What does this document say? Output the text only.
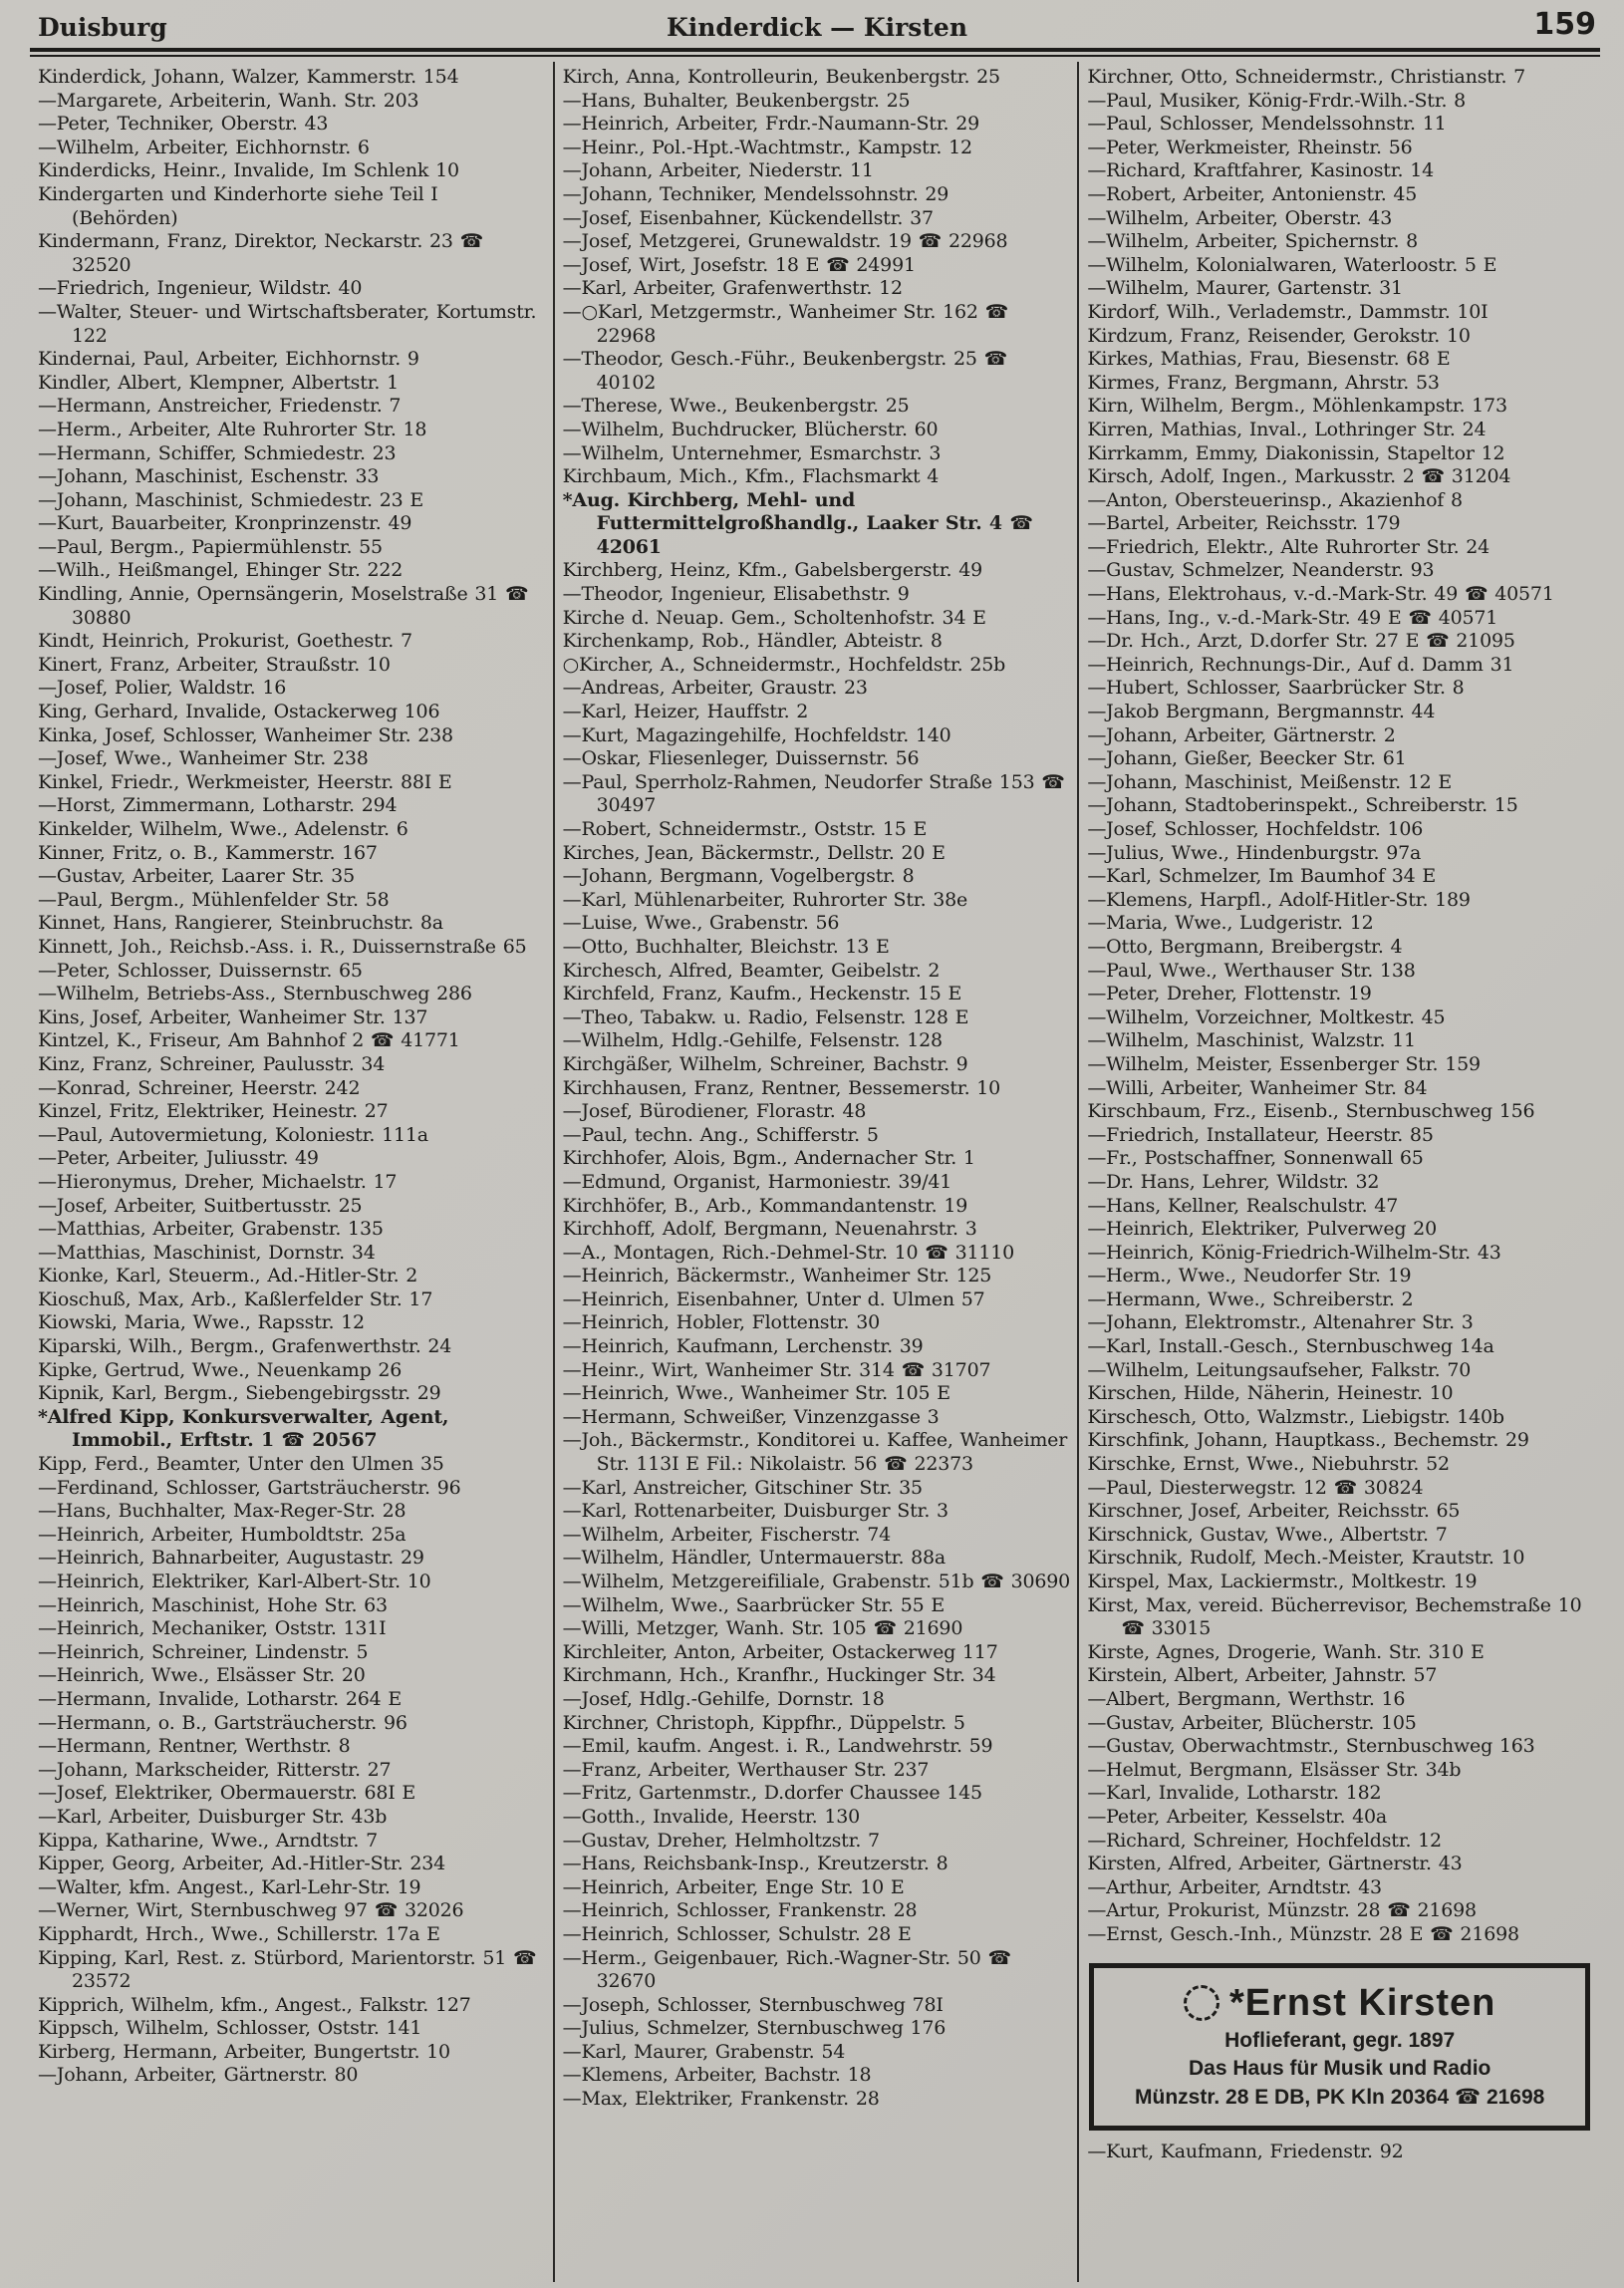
Duisburg	Kinderdick — Kirsten	159
Kinderdick, Johann, Walzer, Kammerstr. 154
—Margarete, Arbeiterin, Wanh. Str. 203
—Peter, Techniker, Oberstr. 43
—Wilhelm, Arbeiter, Eichhornstr. 6
Kinderdicks, Heinr., Invalide, Im Schlenk 10
Kindergarten und Kinderhorte siehe Teil I (Behörden)
Kindermann, Franz, Direktor, Neckarstr. 23 ☎ 32520
—Friedrich, Ingenieur, Wildstr. 40
—Walter, Steuer- und Wirtschaftsberater, Kortumstr. 122
Kindernai, Paul, Arbeiter, Eichhornstr. 9
Kindler, Albert, Klempner, Albertstr. 1
—Hermann, Anstreicher, Friedenstr. 7
—Herm., Arbeiter, Alte Ruhrorter Str. 18
—Hermann, Schiffer, Schmiedestr. 23
—Johann, Maschinist, Eschenstr. 33
—Johann, Maschinist, Schmiedestr. 23 E
—Kurt, Bauarbeiter, Kronprinzenstr. 49
—Paul, Bergm., Papiermühlenstr. 55
—Wilh., Heißmangel, Ehinger Str. 222
Kindling, Annie, Opernsängerin, Moselstraße 31 ☎ 30880
Kindt, Heinrich, Prokurist, Goethestr. 7
Kinert, Franz, Arbeiter, Straußstr. 10
—Josef, Polier, Waldstr. 16
King, Gerhard, Invalide, Ostackerweg 106
Kinka, Josef, Schlosser, Wanheimer Str. 238
—Josef, Wwe., Wanheimer Str. 238
Kinkel, Friedr., Werkmeister, Heerstr. 88I E
—Horst, Zimmermann, Lotharstr. 294
Kinkelder, Wilhelm, Wwe., Adelenstr. 6
Kinner, Fritz, o. B., Kammerstr. 167
—Gustav, Arbeiter, Laarer Str. 35
—Paul, Bergm., Mühlenfelder Str. 58
Kinnet, Hans, Rangierer, Steinbruchstr. 8a
Kinnett, Joh., Reichsb.-Ass. i. R., Duissernstraße 65
—Peter, Schlosser, Duissernstr. 65
—Wilhelm, Betriebs-Ass., Sternbuschweg 286
Kins, Josef, Arbeiter, Wanheimer Str. 137
Kintzel, K., Friseur, Am Bahnhof 2 ☎ 41771
Kinz, Franz, Schreiner, Paulusstr. 34
—Konrad, Schreiner, Heerstr. 242
Kinzel, Fritz, Elektriker, Heinestr. 27
—Paul, Autovermietung, Koloniestr. 111a
—Peter, Arbeiter, Juliusstr. 49
—Hieronymus, Dreher, Michaelstr. 17
—Josef, Arbeiter, Suitbertusstr. 25
—Matthias, Arbeiter, Grabenstr. 135
—Matthias, Maschinist, Dornstr. 34
Kionke, Karl, Steuerm., Ad.-Hitler-Str. 2
Kioschuß, Max, Arb., Kaßlerfelder Str. 17
Kiowski, Maria, Wwe., Rapsstr. 12
Kiparski, Wilh., Bergm., Grafenwerthstr. 24
Kipke, Gertrud, Wwe., Neuenkamp 26
Kipnik, Karl, Bergm., Siebengebirgsstr. 29
*Alfred Kipp, Konkursverwalter, Agent, Immobil., Erftstr. 1 ☎ 20567
Kipp, Ferd., Beamter, Unter den Ulmen 35
—Ferdinand, Schlosser, Gartsträucherstr. 96
—Hans, Buchhalter, Max-Reger-Str. 28
—Heinrich, Arbeiter, Humboldtstr. 25a
—Heinrich, Bahnarbeiter, Augustastr. 29
—Heinrich, Elektriker, Karl-Albert-Str. 10
—Heinrich, Maschinist, Hohe Str. 63
—Heinrich, Mechaniker, Oststr. 131I
—Heinrich, Schreiner, Lindenstr. 5
—Heinrich, Wwe., Elsässer Str. 20
—Hermann, Invalide, Lotharstr. 264 E
—Hermann, o. B., Gartsträucherstr. 96
—Hermann, Rentner, Werthstr. 8
—Johann, Markscheider, Ritterstr. 27
—Josef, Elektriker, Obermauerstr. 68I E
—Karl, Arbeiter, Duisburger Str. 43b
Kippa, Katharine, Wwe., Arndtstr. 7
Kipper, Georg, Arbeiter, Ad.-Hitler-Str. 234
—Walter, kfm. Angest., Karl-Lehr-Str. 19
—Werner, Wirt, Sternbuschweg 97 ☎ 32026
Kipphardt, Hrch., Wwe., Schillerstr. 17a E
Kipping, Karl, Rest. z. Stürbord, Marientorstr. 51 ☎ 23572
Kipprich, Wilhelm, kfm., Angest., Falkstr. 127
Kippsch, Wilhelm, Schlosser, Oststr. 141
Kirberg, Hermann, Arbeiter, Bungertstr. 10
—Johann, Arbeiter, Gärtnerstr. 80
Kirch, Anna, Kontrolleurin, Beukenbergstr. 25
—Hans, Buhalter, Beukenbergstr. 25
—Heinrich, Arbeiter, Frdr.-Naumann-Str. 29
—Heinr., Pol.-Hpt.-Wachtmstr., Kampstr. 12
—Johann, Arbeiter, Niederstr. 11
—Johann, Techniker, Mendelssohnstr. 29
—Josef, Eisenbahner, Kückendellstr. 37
—Josef, Metzgerei, Grunewaldstr. 19 ☎ 22968
—Josef, Wirt, Josefstr. 18 E ☎ 24991
—Karl, Arbeiter, Grafenwerthstr. 12
—○Karl, Metzgermstr., Wanheimer Str. 162 ☎ 22968
—Theodor, Gesch.-Führ., Beukenbergstr. 25 ☎ 40102
—Therese, Wwe., Beukenbergstr. 25
—Wilhelm, Buchdrucker, Blücherstr. 60
—Wilhelm, Unternehmer, Esmarchstr. 3
Kirchbaum, Mich., Kfm., Flachsmarkt 4
*Aug. Kirchberg, Mehl- und Futtermittelgroßhandlg., Laaker Str. 4 ☎ 42061
Kirchberg, Heinz, Kfm., Gabelsbergerstr. 49
—Theodor, Ingenieur, Elisabethstr. 9
Kirche d. Neuap. Gem., Scholtenhofstr. 34 E
Kirchenkamp, Rob., Händler, Abteistr. 8
○Kircher, A., Schneidermstr., Hochfeldstr. 25b
—Andreas, Arbeiter, Graustr. 23
—Karl, Heizer, Hauffstr. 2
—Kurt, Magazingehilfe, Hochfeldstr. 140
—Oskar, Fliesenleger, Duissernstr. 56
—Paul, Sperrholz-Rahmen, Neudorfer Straße 153 ☎ 30497
—Robert, Schneidermstr., Oststr. 15 E
Kirches, Jean, Bäckermstr., Dellstr. 20 E
—Johann, Bergmann, Vogelbergstr. 8
—Karl, Mühlenarbeiter, Ruhrorter Str. 38e
—Luise, Wwe., Grabenstr. 56
—Otto, Buchhalter, Bleichstr. 13 E
Kirchesch, Alfred, Beamter, Geibelstr. 2
Kirchfeld, Franz, Kaufm., Heckenstr. 15 E
—Theo, Tabakw. u. Radio, Felsenstr. 128 E
—Wilhelm, Hdlg.-Gehilfe, Felsenstr. 128
Kirchgäßer, Wilhelm, Schreiner, Bachstr. 9
Kirchhausen, Franz, Rentner, Bessemerstr. 10
—Josef, Bürodiener, Florastr. 48
—Paul, techn. Ang., Schifferstr. 5
Kirchhofer, Alois, Bgm., Andernacher Str. 1
—Edmund, Organist, Harmoniestr. 39/41
Kirchhöfer, B., Arb., Kommandantenstr. 19
Kirchhoff, Adolf, Bergmann, Neuenahrstr. 3
—A., Montagen, Rich.-Dehmel-Str. 10 ☎ 31110
—Heinrich, Bäckermstr., Wanheimer Str. 125
—Heinrich, Eisenbahner, Unter d. Ulmen 57
—Heinrich, Hobler, Flottenstr. 30
—Heinrich, Kaufmann, Lerchenstr. 39
—Heinr., Wirt, Wanheimer Str. 314 ☎ 31707
—Heinrich, Wwe., Wanheimer Str. 105 E
—Hermann, Schweißer, Vinzenzgasse 3
—Joh., Bäckermstr., Konditorei u. Kaffee, Wanheimer Str. 113I E Fil.: Nikolaistr. 56 ☎ 22373
—Karl, Anstreicher, Gitschiner Str. 35
—Karl, Rottenarbeiter, Duisburger Str. 3
—Wilhelm, Arbeiter, Fischerstr. 74
—Wilhelm, Händler, Untermauerstr. 88a
—Wilhelm, Metzgereifiliale, Grabenstr. 51b ☎ 30690
—Wilhelm, Wwe., Saarbrücker Str. 55 E
—Willi, Metzger, Wanh. Str. 105 ☎ 21690
Kirchleiter, Anton, Arbeiter, Ostackerweg 117
Kirchmann, Hch., Kranfhr., Huckinger Str. 34
—Josef, Hdlg.-Gehilfe, Dornstr. 18
Kirchner, Christoph, Kippfhr., Düppelstr. 5
—Emil, kaufm. Angest. i. R., Landwehrstr. 59
—Franz, Arbeiter, Werthauser Str. 237
—Fritz, Gartenmstr., D.dorfer Chaussee 145
—Gotth., Invalide, Heerstr. 130
—Gustav, Dreher, Helmholtzstr. 7
—Hans, Reichsbank-Insp., Kreutzerstr. 8
—Heinrich, Arbeiter, Enge Str. 10 E
—Heinrich, Schlosser, Frankenstr. 28
—Heinrich, Schlosser, Schulstr. 28 E
—Herm., Geigenbauer, Rich.-Wagner-Str. 50 ☎ 32670
—Joseph, Schlosser, Sternbuschweg 78I
—Julius, Schmelzer, Sternbuschweg 176
—Karl, Maurer, Grabenstr. 54
—Klemens, Arbeiter, Bachstr. 18
—Max, Elektriker, Frankenstr. 28
Kirchner, Otto, Schneidermstr., Christianstr. 7
—Paul, Musiker, König-Frdr.-Wilh.-Str. 8
—Paul, Schlosser, Mendelssohnstr. 11
—Peter, Werkmeister, Rheinstr. 56
—Richard, Kraftfahrer, Kasinostr. 14
—Robert, Arbeiter, Antonienstr. 45
—Wilhelm, Arbeiter, Oberstr. 43
—Wilhelm, Arbeiter, Spichernstr. 8
—Wilhelm, Kolonialwaren, Waterloostr. 5 E
—Wilhelm, Maurer, Gartenstr. 31
Kirdorf, Wilh., Verlademstr., Dammstr. 10I
Kirdzum, Franz, Reisender, Gerokstr. 10
Kirkes, Mathias, Frau, Biesenstr. 68 E
Kirmes, Franz, Bergmann, Ahrstr. 53
Kirn, Wilhelm, Bergm., Möhlenkampstr. 173
Kirren, Mathias, Inval., Lothringer Str. 24
Kirrkamm, Emmy, Diakonissin, Stapeltor 12
Kirsch, Adolf, Ingen., Markusstr. 2 ☎ 31204
—Anton, Obersteuerinsp., Akazienhof 8
—Bartel, Arbeiter, Reichsstr. 179
—Friedrich, Elektr., Alte Ruhrorter Str. 24
—Gustav, Schmelzer, Neanderstr. 93
—Hans, Elektrohaus, v.-d.-Mark-Str. 49 ☎ 40571
—Hans, Ing., v.-d.-Mark-Str. 49 E ☎ 40571
—Dr. Hch., Arzt, D.dorfer Str. 27 E ☎ 21095
—Heinrich, Rechnungs-Dir., Auf d. Damm 31
—Hubert, Schlosser, Saarbrücker Str. 8
—Jakob Bergmann, Bergmannstr. 44
—Johann, Arbeiter, Gärtnerstr. 2
—Johann, Gießer, Beecker Str. 61
—Johann, Maschinist, Meißenstr. 12 E
—Johann, Stadtoberinspekt., Schreiberstr. 15
—Josef, Schlosser, Hochfeldstr. 106
—Julius, Wwe., Hindenburgstr. 97a
—Karl, Schmelzer, Im Baumhof 34 E
—Klemens, Harpfl., Adolf-Hitler-Str. 189
—Maria, Wwe., Ludgeristr. 12
—Otto, Bergmann, Breibergstr. 4
—Paul, Wwe., Werthauser Str. 138
—Peter, Dreher, Flottenstr. 19
—Wilhelm, Vorzeichner, Moltkestr. 45
—Wilhelm, Maschinist, Walzstr. 11
—Wilhelm, Meister, Essenberger Str. 159
—Willi, Arbeiter, Wanheimer Str. 84
Kirschbaum, Frz., Eisenb., Sternbuschweg 156
—Friedrich, Installateur, Heerstr. 85
—Fr., Postschaffner, Sonnenwall 65
—Dr. Hans, Lehrer, Wildstr. 32
—Hans, Kellner, Realschulstr. 47
—Heinrich, Elektriker, Pulverweg 20
—Heinrich, König-Friedrich-Wilhelm-Str. 43
—Herm., Wwe., Neudorfer Str. 19
—Hermann, Wwe., Schreiberstr. 2
—Johann, Elektromstr., Altenahrer Str. 3
—Karl, Install.-Gesch., Sternbuschweg 14a
—Wilhelm, Leitungsaufseher, Falkstr. 70
Kirschen, Hilde, Näherin, Heinestr. 10
Kirschesch, Otto, Walzmstr., Liebigstr. 140b
Kirschfink, Johann, Hauptkass., Bechemstr. 29
Kirschke, Ernst, Wwe., Niebuhrstr. 52
—Paul, Diesterwegstr. 12 ☎ 30824
Kirschner, Josef, Arbeiter, Reichsstr. 65
Kirschnick, Gustav, Wwe., Albertstr. 7
Kirschnik, Rudolf, Mech.-Meister, Krautstr. 10
Kirspel, Max, Lackiermstr., Moltkestr. 19
Kirst, Max, vereid. Bücherrevisor, Bechemstraße 10 ☎ 33015
Kirste, Agnes, Drogerie, Wanh. Str. 310 E
Kirstein, Albert, Arbeiter, Jahnstr. 57
—Albert, Bergmann, Werthstr. 16
—Gustav, Arbeiter, Blücherstr. 105
—Gustav, Oberwachtmstr., Sternbuschweg 163
—Helmut, Bergmann, Elsässer Str. 34b
—Karl, Invalide, Lotharstr. 182
—Peter, Arbeiter, Kesselstr. 40a
—Richard, Schreiner, Hochfeldstr. 12
Kirsten, Alfred, Arbeiter, Gärtnerstr. 43
—Arthur, Arbeiter, Arndtstr. 43
—Artur, Prokurist, Münzstr. 28 ☎ 21698
—Ernst, Gesch.-Inh., Münzstr. 28 E ☎ 21698
*Ernst Kirsten
Hoflieferant, gegr. 1897
Das Haus für Musik und Radio
Münzstr. 28 E DB, PK Kln 20364 ☎ 21698
—Kurt, Kaufmann, Friedenstr. 92
